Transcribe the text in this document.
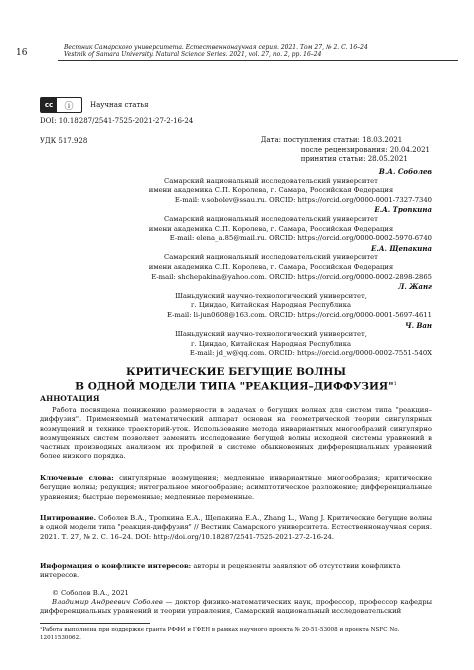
16
Вестник Самарского университета. Естественнонаучная серия. 2021. Том 27, № 2. С. 16–24
Vestnik of Samara University. Natural Science Series. 2021, vol. 27, no. 2, pp. 16–24
cc	ⓘ	Научная статья
DOI: 10.18287/2541-7525-2021-27-2-16-24
УДК 517.928	Дата: поступления статьи: 18.03.2021
после рецензирования: 20.04.2021
принятия статьи: 28.05.2021
В.А. Соболев
Самарский национальный исследовательский университет
имени академика С.П. Королева, г. Самара, Российская Федерация
E-mail: v.sobolev@ssau.ru. ORCID: https://orcid.org/0000-0001-7327-7340
Е.А. Тропкина
Самарский национальный исследовательский университет
имени академика С.П. Королева, г. Самара, Российская Федерация
E-mail: elena_a.85@mail.ru. ORCID: https://orcid.org/0000-0002-5970-6740
Е.А. Щепакина
Самарский национальный исследовательский университет
имени академика С.П. Королева, г. Самара, Российская Федерация
E-mail: shchepakina@yahoo.com. ORCID: https://orcid.org/0000-0002-2898-2865
Л. Жанг
Шаньдунский научно-технологический университет,
г. Циндао, Китайская Народная Республика
E-mail: li-jun0608@163.com. ORCID: https://orcid.org/0000-0001-5697-4611
Ч. Ван
Шаньдунский научно-технологический университет,
г. Циндао, Китайская Народная Республика
E-mail: jd_w@qq.com. ORCID: https://orcid.org/0000-0002-7551-540X
КРИТИЧЕСКИЕ БЕГУЩИЕ ВОЛНЫ
В ОДНОЙ МОДЕЛИ ТИПА "РЕАКЦИЯ–ДИФФУЗИЯ"$^1$
АННОТАЦИЯ
Работа посвящена понижению размерности в задачах о бегущих волнах для систем типа "реакция–диффузия". Применяемый математический аппарат основан на геометрической теории сингулярных возмущений и технике траекторий-уток. Использование метода инвариантных многообразий сингулярно возмущенных систем позволяет заменить исследование бегущей волны исходной системы уравнений в частных производных анализом их профилей в системе обыкновенных дифференциальных уравнений более низкого порядка.
Ключевые слова: сингулярные возмущения; медленные инвариантные многообразия; критические бегущие волны; редукция; интегральное многообразие; асимптотическое разложение; дифференциальные уравнения; быстрые переменные; медленные переменные.
Цитирование. Соболев В.А., Тропкина Е.А., Щепакина Е.А., Zhang L., Wang J. Критические бегущие волны в одной модели типа "реакция-диффузия" // Вестник Самарского университета. Естественнонаучная серия. 2021. Т. 27, № 2. С. 16–24. DOI: http://doi.org/10.18287/2541-7525-2021-27-2-16-24.
Информация о конфликте интересов: авторы и рецензенты заявляют об отсутствии конфликта интересов.
© Соболев В.А., 2021
Владимир Андреевич Соболев — доктор физико-математических наук, профессор, профессор кафедры дифференциальных уравнений и теории управления, Самарский национальный исследовательский
¹Работа выполнена при поддержке гранта РФФИ и ГФЕН в рамках научного проекта № 20-51-53008 и проекта NSFC No. 12011530062.
